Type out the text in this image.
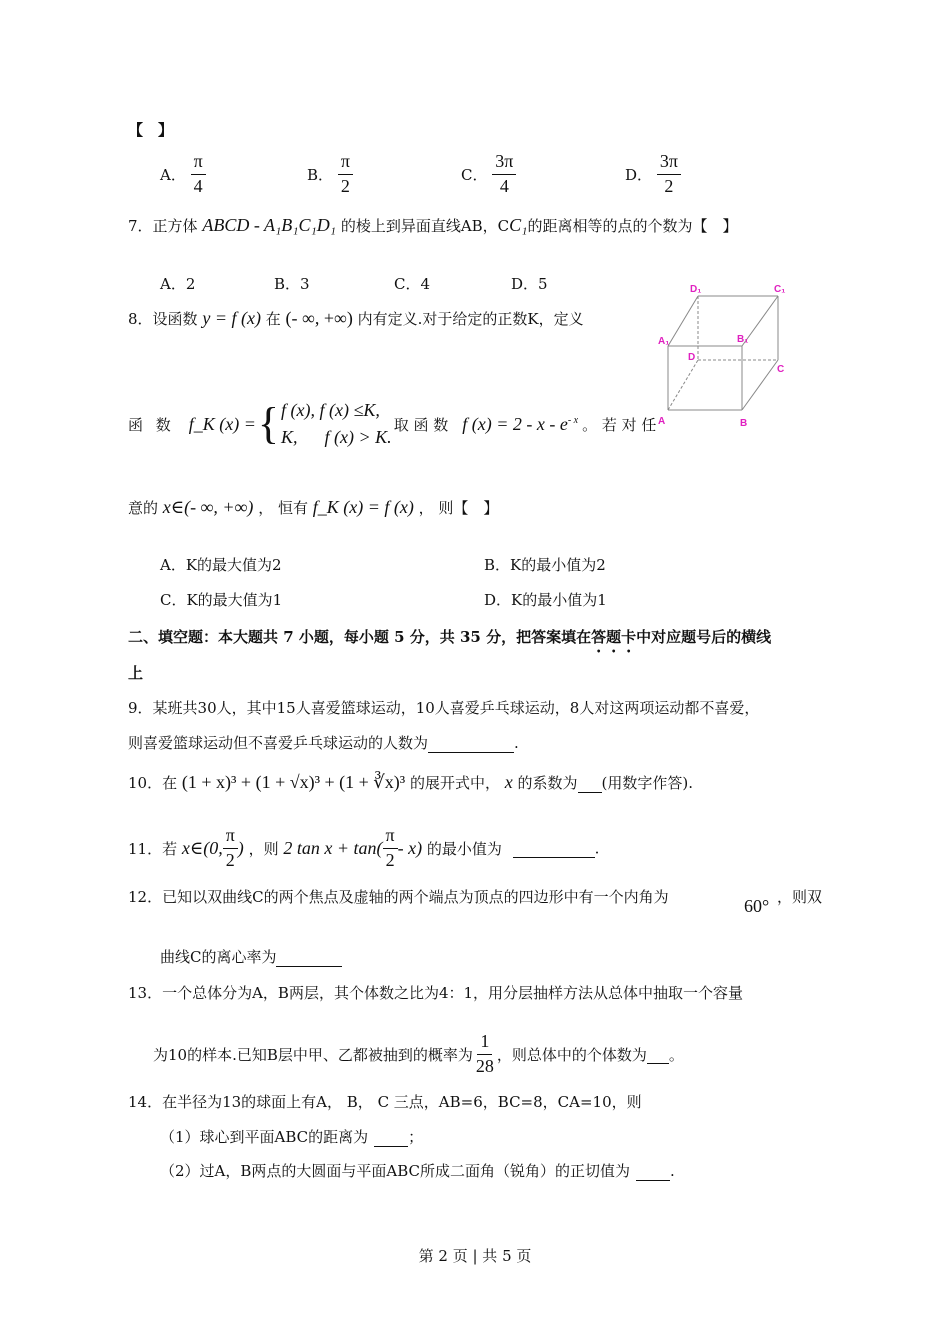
【　】
A． $\frac{\pi}{4}$	B． $\frac{\pi}{2}$	C． $\frac{3\pi}{4}$	D． $\frac{3\pi}{2}$
7．正方体 ABCD - A₁B₁C₁D₁ 的棱上到异面直线AB，CC₁的距离相等的点的个数为【　】
A．2	B．3	C．4	D．5
8．设函数 y = f (x) 在 (- ∞, +∞) 内有定义.对于给定的正数K，定义
函 数 f_K (x) = { f (x), f (x) ≤K,
K,      f (x) > K.
取 函 数 f $(x) = 2 - x - e^{- x}$ 。 若 对 任
意的 x∈(- ∞, +∞) ， 恒有 f_K (x) = f (x) ， 则【　】
A．K的最大值为2	B．K的最小值为2
C．K的最大值为1	D．K的最小值为1
D₁	C₁
A₁	B₁
D
C
A	B
二、填空题：本大题共 7 小题，每小题 5 分，共 35 分，把答案填在答题卡中对应题号后的横线
上
9．某班共30人，其中15人喜爱篮球运动，10人喜爱乒乓球运动，8人对这两项运动都不喜爱，
则喜爱篮球运动但不喜爱乒乓球运动的人数为	.
10．在 (1 + x)³ + (1 + √x)³ + (1 + ∛x)³ 的展开式中， x 的系数为 (用数字作答).
11．若 x∈(0, $\frac{\pi}{2}$ ) ，则 2 $\tan x + \tan( \frac{\pi}{2} - x)$ 的最小值为	.
12．已知以双曲线C的两个焦点及虚轴的两个端点为顶点的四边形中有一个内角为	60° ，则双
曲线C的离心率为
13．一个总体分为A，B两层，其个体数之比为4：1，用分层抽样方法从总体中抽取一个容量
为10的样本.已知B层中甲、乙都被抽到的概率为 $\frac{1}{28}$ ，则总体中的个体数为 。
14．在半径为13的球面上有A， B， C 三点，AB=6，BC=8，CA=10，则
（1）球心到平面ABC的距离为	；
（2）过A，B两点的大圆面与平面ABC所成二面角（锐角）的正切值为	.
第 2 页 | 共 5 页
